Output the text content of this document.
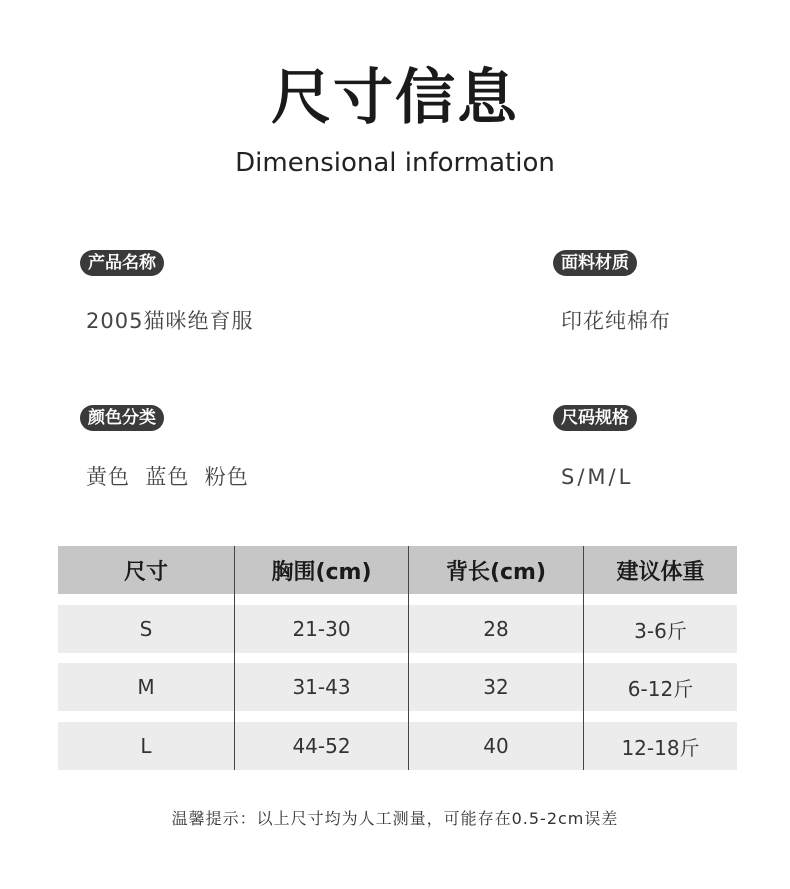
尺寸信息
Dimensional information
产品名称
2005猫咪绝育服
面料材质
印花纯棉布
颜色分类
黄色  蓝色  粉色
尺码规格
S/M/L
尺寸	胸围(cm)	背长(cm)	建议体重
S	21-30	28	3-6斤
M	31-43	32	6-12斤
L	44-52	40	12-18斤
温馨提示：以上尺寸均为人工测量，可能存在0.5-2cm误差
